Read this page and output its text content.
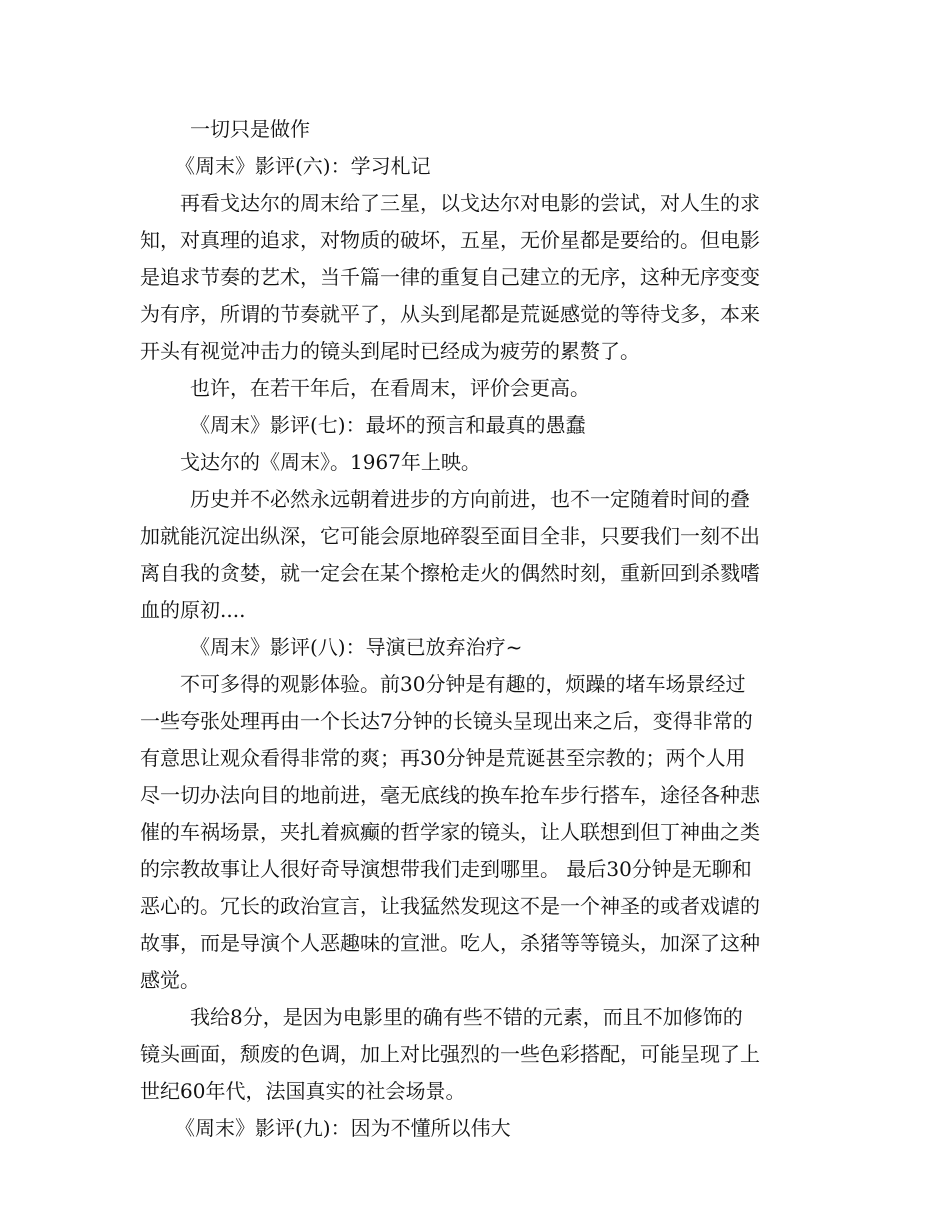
一切只是做作

《周末》影评(六)：学习札记

再看戈达尔的周末给了三星，以戈达尔对电影的尝试，对人生的求

知，对真理的追求，对物质的破坏，五星，无价星都是要给的。但电影

是追求节奏的艺术，当千篇一律的重复自己建立的无序，这种无序变变

为有序，所谓的节奏就平了，从头到尾都是荒诞感觉的等待戈多，本来

开头有视觉冲击力的镜头到尾时已经成为疲劳的累赘了。

也许，在若干年后，在看周末，评价会更高。

《周末》影评(七)：最坏的预言和最真的愚蠢

戈达尔的《周末》。1967年上映。

历史并不必然永远朝着进步的方向前进，也不一定随着时间的叠

加就能沉淀出纵深，它可能会原地碎裂至面目全非，只要我们一刻不出

离自我的贪婪，就一定会在某个擦枪走火的偶然时刻，重新回到杀戮嗜

血的原初....

《周末》影评(八)：导演已放弃治疗~

不可多得的观影体验。前30分钟是有趣的，烦躁的堵车场景经过

一些夸张处理再由一个长达7分钟的长镜头呈现出来之后，变得非常的

有意思让观众看得非常的爽；再30分钟是荒诞甚至宗教的；两个人用

尽一切办法向目的地前进，毫无底线的换车抢车步行搭车，途径各种悲

催的车祸场景，夹扎着疯癫的哲学家的镜头，让人联想到但丁神曲之类

的宗教故事让人很好奇导演想带我们走到哪里。 最后30分钟是无聊和

恶心的。冗长的政治宣言，让我猛然发现这不是一个神圣的或者戏谑的

故事，而是导演个人恶趣味的宣泄。吃人，杀猪等等镜头，加深了这种

感觉。

我给8分，是因为电影里的确有些不错的元素，而且不加修饰的

镜头画面，颓废的色调，加上对比强烈的一些色彩搭配，可能呈现了上

世纪60年代，法国真实的社会场景。

《周末》影评(九)：因为不懂所以伟大
